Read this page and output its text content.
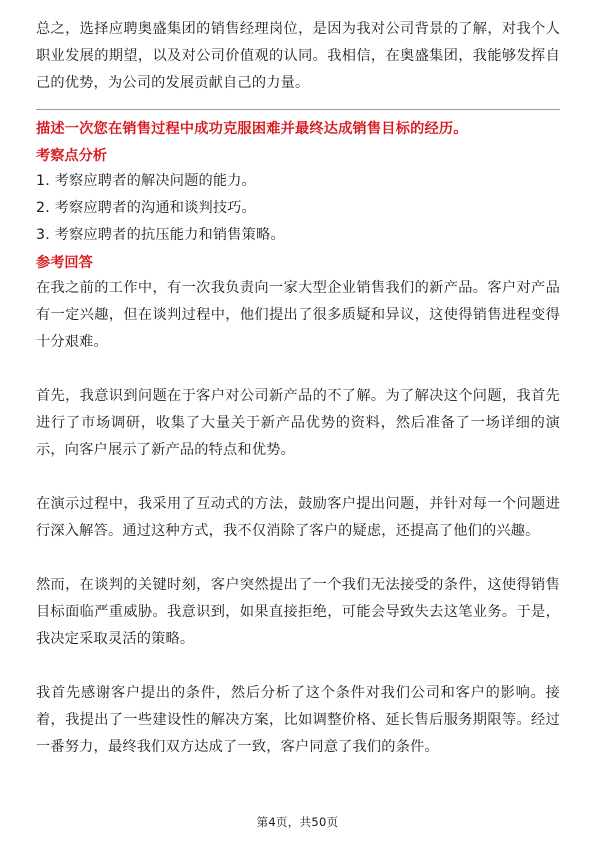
总之，选择应聘奥盛集团的销售经理岗位，是因为我对公司背景的了解，对我个人职业发展的期望，以及对公司价值观的认同。我相信，在奥盛集团，我能够发挥自己的优势，为公司的发展贡献自己的力量。

描述一次您在销售过程中成功克服困难并最终达成销售目标的经历。

考察点分析

1. 考察应聘者的解决问题的能力。

2. 考察应聘者的沟通和谈判技巧。

3. 考察应聘者的抗压能力和销售策略。

参考回答

在我之前的工作中，有一次我负责向一家大型企业销售我们的新产品。客户对产品有一定兴趣，但在谈判过程中，他们提出了很多质疑和异议，这使得销售进程变得十分艰难。

首先，我意识到问题在于客户对公司新产品的不了解。为了解决这个问题，我首先进行了市场调研，收集了大量关于新产品优势的资料，然后准备了一场详细的演示，向客户展示了新产品的特点和优势。

在演示过程中，我采用了互动式的方法，鼓励客户提出问题，并针对每一个问题进行深入解答。通过这种方式，我不仅消除了客户的疑虑，还提高了他们的兴趣。

然而，在谈判的关键时刻，客户突然提出了一个我们无法接受的条件，这使得销售目标面临严重威胁。我意识到，如果直接拒绝，可能会导致失去这笔业务。于是，我决定采取灵活的策略。

我首先感谢客户提出的条件，然后分析了这个条件对我们公司和客户的影响。接着，我提出了一些建设性的解决方案，比如调整价格、延长售后服务期限等。经过一番努力，最终我们双方达成了一致，客户同意了我们的条件。

第4页，共50页
